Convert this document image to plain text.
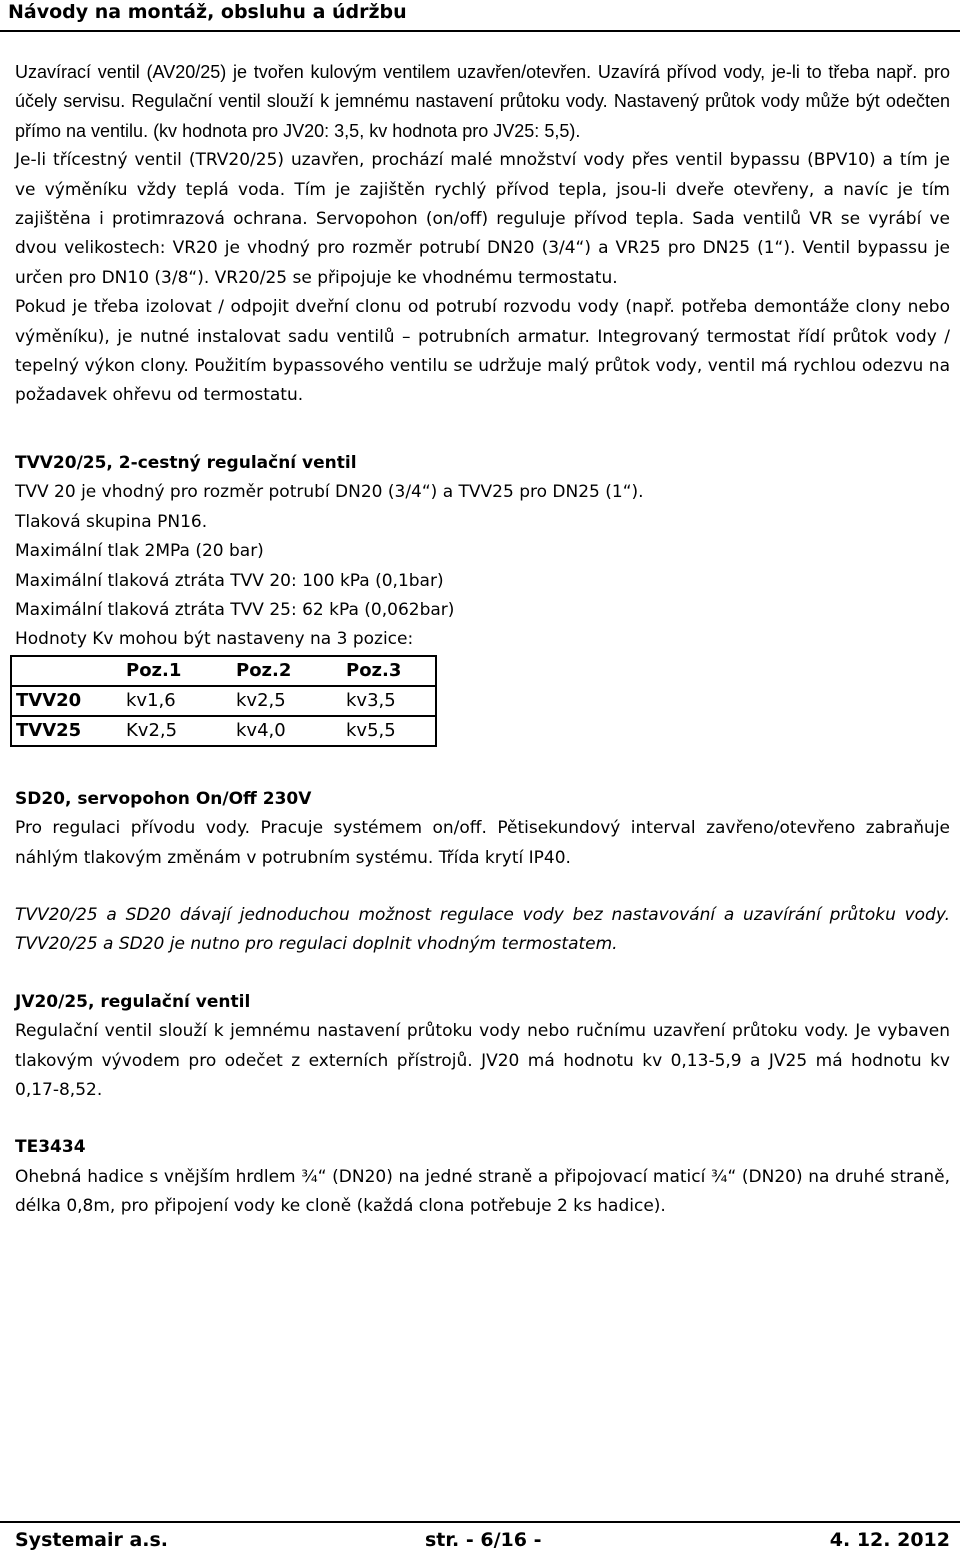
Návody na montáž, obsluhu a údržbu

Uzavírací ventil (AV20/25) je tvořen kulovým ventilem uzavřen/otevřen. Uzavírá přívod vody, je-li to třeba např. pro účely servisu. Regulační ventil slouží k jemnému nastavení průtoku vody. Nastavený průtok vody může být odečten přímo na ventilu. (kv hodnota pro JV20: 3,5, kv hodnota pro JV25: 5,5).

Je-li třícestný ventil (TRV20/25) uzavřen, prochází malé množství vody přes ventil bypassu (BPV10) a tím je ve výměníku vždy teplá voda. Tím je zajištěn rychlý přívod tepla, jsou-li dveře otevřeny, a navíc je tím zajištěna i protimrazová ochrana. Servopohon (on/off) reguluje přívod tepla. Sada ventilů VR se vyrábí ve dvou velikostech: VR20 je vhodný pro rozměr potrubí DN20 (3/4“) a VR25 pro DN25 (1“). Ventil bypassu je určen pro DN10 (3/8“). VR20/25 se připojuje ke vhodnému termostatu.

Pokud je třeba izolovat / odpojit dveřní clonu od potrubí rozvodu vody (např. potřeba demontáže clony nebo výměníku), je nutné instalovat sadu ventilů – potrubních armatur. Integrovaný termostat řídí průtok vody / tepelný výkon clony. Použitím bypassového ventilu se udržuje malý průtok vody, ventil má rychlou odezvu na požadavek ohřevu od termostatu.

TVV20/25, 2-cestný regulační ventil
TVV 20 je vhodný pro rozměr potrubí DN20 (3/4“) a TVV25 pro DN25 (1“).
Tlaková skupina PN16.
Maximální tlak 2MPa (20 bar)
Maximální tlaková ztráta TVV 20: 100 kPa (0,1bar)
Maximální tlaková ztráta TVV 25: 62 kPa (0,062bar)
Hodnoty Kv mohou být nastaveny na 3 pozice:
	Poz.1	Poz.2	Poz.3
TVV20	kv1,6	kv2,5	kv3,5
TVV25	Kv2,5	kv4,0	kv5,5
SD20, servopohon On/Off 230V

Pro regulaci přívodu vody. Pracuje systémem on/off. Pětisekundový interval zavřeno/otevřeno zabraňuje náhlým tlakovým změnám v potrubním systému. Třída krytí IP40.

TVV20/25 a SD20 dávají jednoduchou možnost regulace vody bez nastavování a uzavírání průtoku vody. TVV20/25 a SD20 je nutno pro regulaci doplnit vhodným termostatem.

JV20/25, regulační ventil

Regulační ventil slouží k jemnému nastavení průtoku vody nebo ručnímu uzavření průtoku vody. Je vybaven tlakovým vývodem pro odečet z externích přístrojů. JV20 má hodnotu kv 0,13-5,9 a JV25 má hodnotu kv 0,17-8,52.

TE3434

Ohebná hadice s vnějším hrdlem ¾“ (DN20) na jedné straně a připojovací maticí ¾“ (DN20) na druhé straně, délka 0,8m, pro připojení vody ke cloně (každá clona potřebuje 2 ks hadice).

Systemair a.s.	str. - 6/16 -	4. 12. 2012
